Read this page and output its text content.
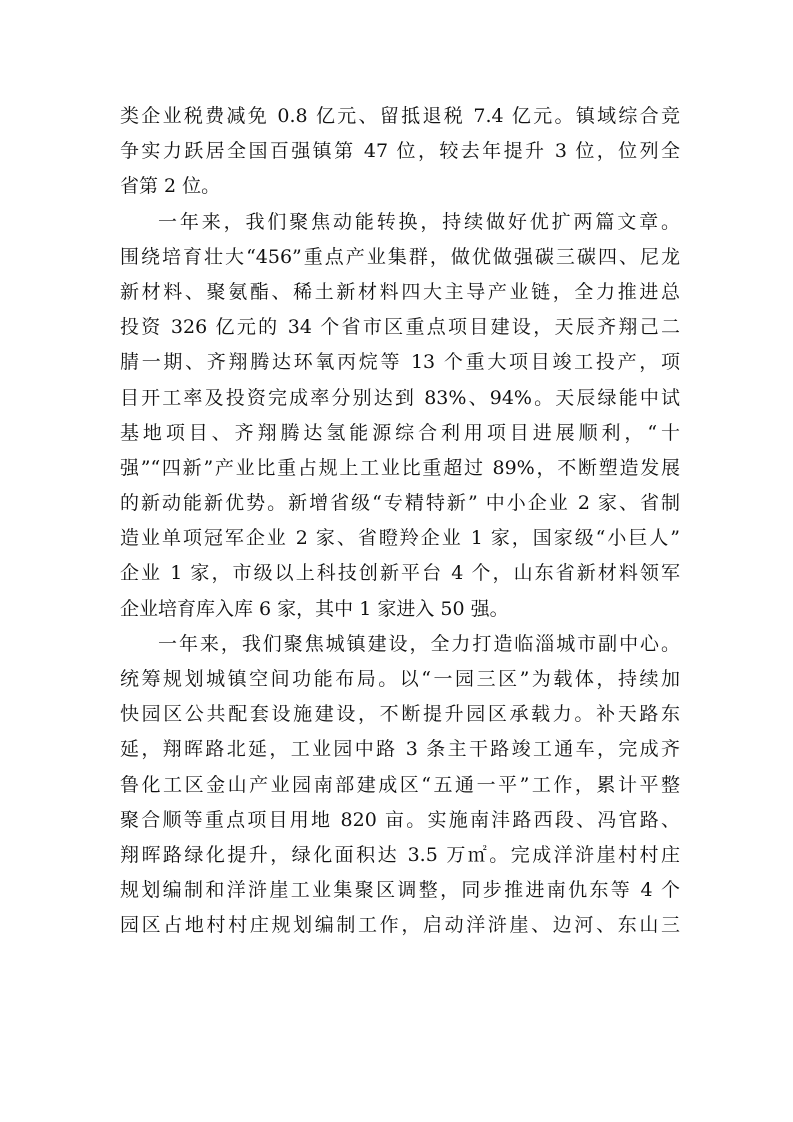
类企业税费减免 0.8 亿元、留抵退税 7.4 亿元。镇域综合竞
争实力跃居全国百强镇第 47 位，较去年提升 3 位，位列全
省第 2 位。
一年来，我们聚焦动能转换，持续做好优扩两篇文章。
围绕培育壮大“456”重点产业集群，做优做强碳三碳四、尼龙
新材料、聚氨酯、稀土新材料四大主导产业链，全力推进总
投资 326 亿元的 34 个省市区重点项目建设，天辰齐翔己二
腈一期、齐翔腾达环氧丙烷等 13 个重大项目竣工投产，项
目开工率及投资完成率分别达到 83%、94%。天辰绿能中试
基地项目、齐翔腾达氢能源综合利用项目进展顺利，“十
强”“四新”产业比重占规上工业比重超过 89%，不断塑造发展
的新动能新优势。新增省级“专精特新” 中小企业 2 家、省制
造业单项冠军企业 2 家、省瞪羚企业 1 家，国家级“小巨人”
企业 1 家，市级以上科技创新平台 4 个，山东省新材料领军
企业培育库入库 6 家，其中 1 家进入 50 强。
一年来，我们聚焦城镇建设，全力打造临淄城市副中心。
统筹规划城镇空间功能布局。以“一园三区”为载体，持续加
快园区公共配套设施建设，不断提升园区承载力。补天路东
延，翔晖路北延，工业园中路 3 条主干路竣工通车，完成齐
鲁化工区金山产业园南部建成区“五通一平”工作，累计平整
聚合顺等重点项目用地 820 亩。实施南沣路西段、冯官路、
翔晖路绿化提升，绿化面积达 3.5 万㎡。完成洋浒崖村村庄
规划编制和洋浒崖工业集聚区调整，同步推进南仇东等 4 个
园区占地村村庄规划编制工作，启动洋浒崖、边河、东山三
